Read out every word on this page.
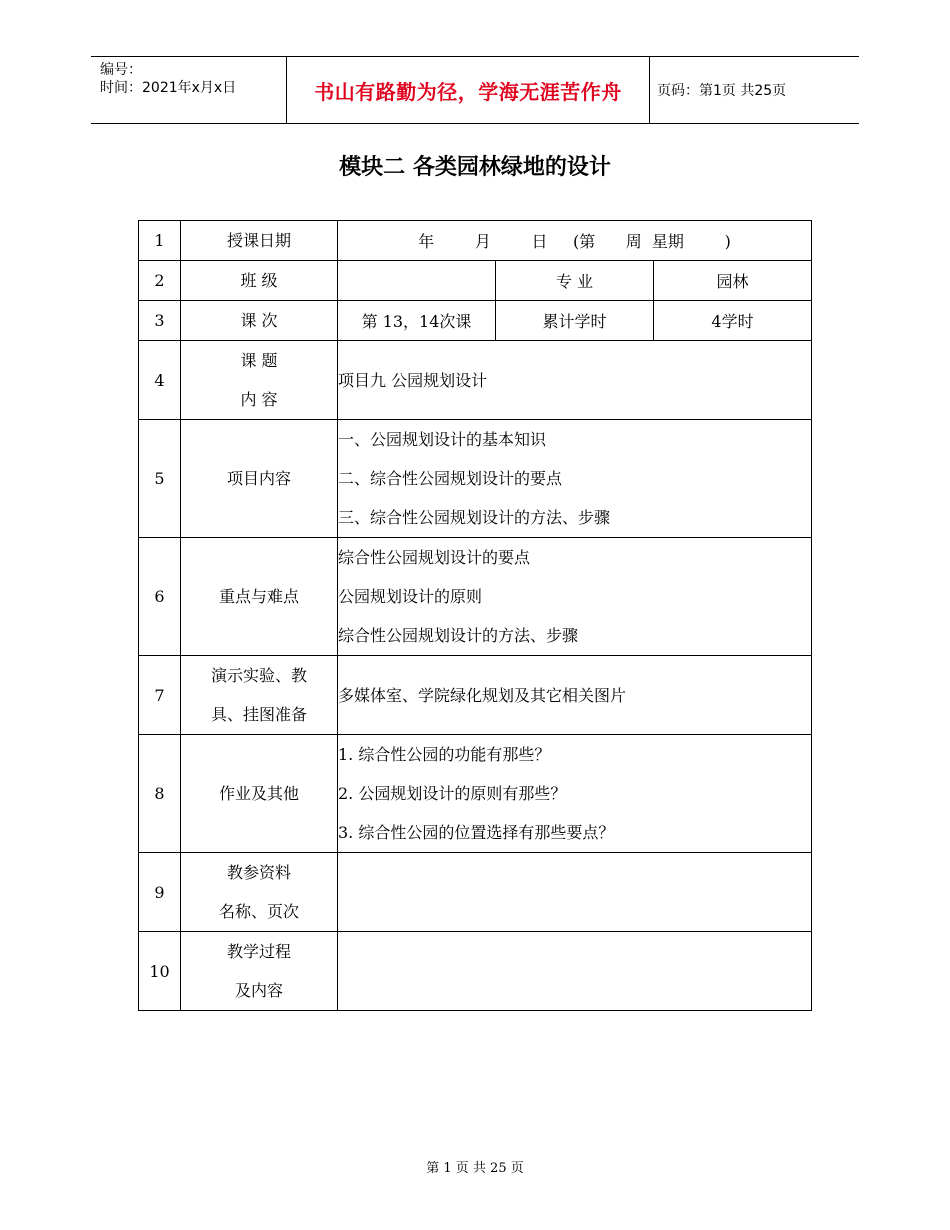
编号：
时间：2021年x月x日	书山有路勤为径，学海无涯苦作舟	页码：第1页 共25页
模块二 各类园林绿地的设计
1	授课日期	年        月        日     (第      周  星期        )		

2	班 级		专 业	园林
3	课 次	第 13，14次课	累计学时	4学时
4	课 题
内 容	项目九 公园规划设计		
5	项目内容	一、公园规划设计的基本知识
二、综合性公园规划设计的要点
三、综合性公园规划设计的方法、步骤		

6	重点与难点	综合性公园规划设计的要点
公园规划设计的原则
综合性公园规划设计的方法、步骤		

7	演示实验、教
具、挂图准备	多媒体室、学院绿化规划及其它相关图片		
8	作业及其他	1. 综合性公园的功能有那些？
2. 公园规划设计的原则有那些？
3. 综合性公园的位置选择有那些要点？		

9	教参资料
名称、页次			

10	教学过程
及内容			

第 1 页 共 25 页
